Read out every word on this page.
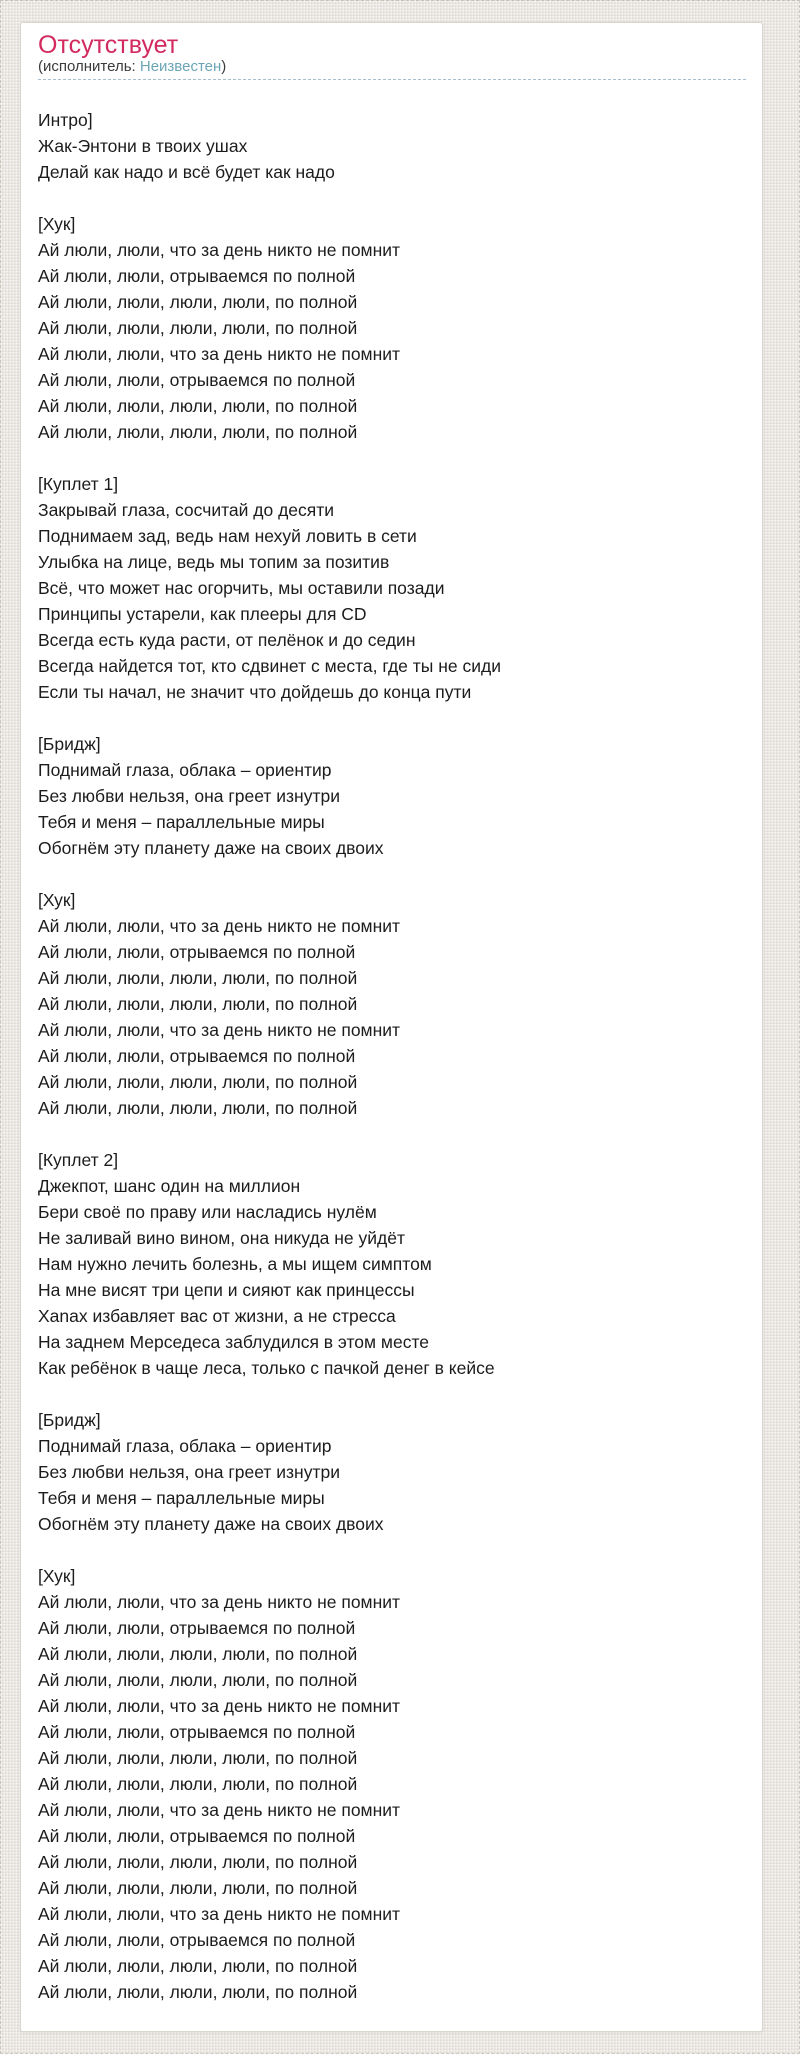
Отсутствует
(исполнитель: Неизвестен)
Интро]
Жак-Энтони в твоих ушах
Делай как надо и всё будет как надо
[Хук]
Ай люли, люли, что за день никто не помнит
Ай люли, люли, отрываемся по полной
Ай люли, люли, люли, люли, по полной
Ай люли, люли, люли, люли, по полной
Ай люли, люли, что за день никто не помнит
Ай люли, люли, отрываемся по полной
Ай люли, люли, люли, люли, по полной
Ай люли, люли, люли, люли, по полной
[Куплет 1]
Закрывай глаза, сосчитай до десяти
Поднимаем зад, ведь нам нехуй ловить в сети
Улыбка на лице, ведь мы топим за позитив
Всё, что может нас огорчить, мы оставили позади
Принципы устарели, как плееры для CD
Всегда есть куда расти, от пелёнок и до седин
Всегда найдется тот, кто сдвинет с места, где ты не сиди
Если ты начал, не значит что дойдешь до конца пути
[Бридж]
Поднимай глаза, облака – ориентир
Без любви нельзя, она греет изнутри
Тебя и меня – параллельные миры
Обогнём эту планету даже на своих двоих
[Хук]
Ай люли, люли, что за день никто не помнит
Ай люли, люли, отрываемся по полной
Ай люли, люли, люли, люли, по полной
Ай люли, люли, люли, люли, по полной
Ай люли, люли, что за день никто не помнит
Ай люли, люли, отрываемся по полной
Ай люли, люли, люли, люли, по полной
Ай люли, люли, люли, люли, по полной
[Куплет 2]
Джекпот, шанс один на миллион
Бери своё по праву или насладись нулём
Не заливай вино вином, она никуда не уйдёт
Нам нужно лечить болезнь, а мы ищем симптом
На мне висят три цепи и сияют как принцессы
Xanax избавляет вас от жизни, а не стресса
На заднем Мерседеса заблудился в этом месте
Как ребёнок в чаще леса, только с пачкой денег в кейсе
[Бридж]
Поднимай глаза, облака – ориентир
Без любви нельзя, она греет изнутри
Тебя и меня – параллельные миры
Обогнём эту планету даже на своих двоих
[Хук]
Ай люли, люли, что за день никто не помнит
Ай люли, люли, отрываемся по полной
Ай люли, люли, люли, люли, по полной
Ай люли, люли, люли, люли, по полной
Ай люли, люли, что за день никто не помнит
Ай люли, люли, отрываемся по полной
Ай люли, люли, люли, люли, по полной
Ай люли, люли, люли, люли, по полной
Ай люли, люли, что за день никто не помнит
Ай люли, люли, отрываемся по полной
Ай люли, люли, люли, люли, по полной
Ай люли, люли, люли, люли, по полной
Ай люли, люли, что за день никто не помнит
Ай люли, люли, отрываемся по полной
Ай люли, люли, люли, люли, по полной
Ай люли, люли, люли, люли, по полной
